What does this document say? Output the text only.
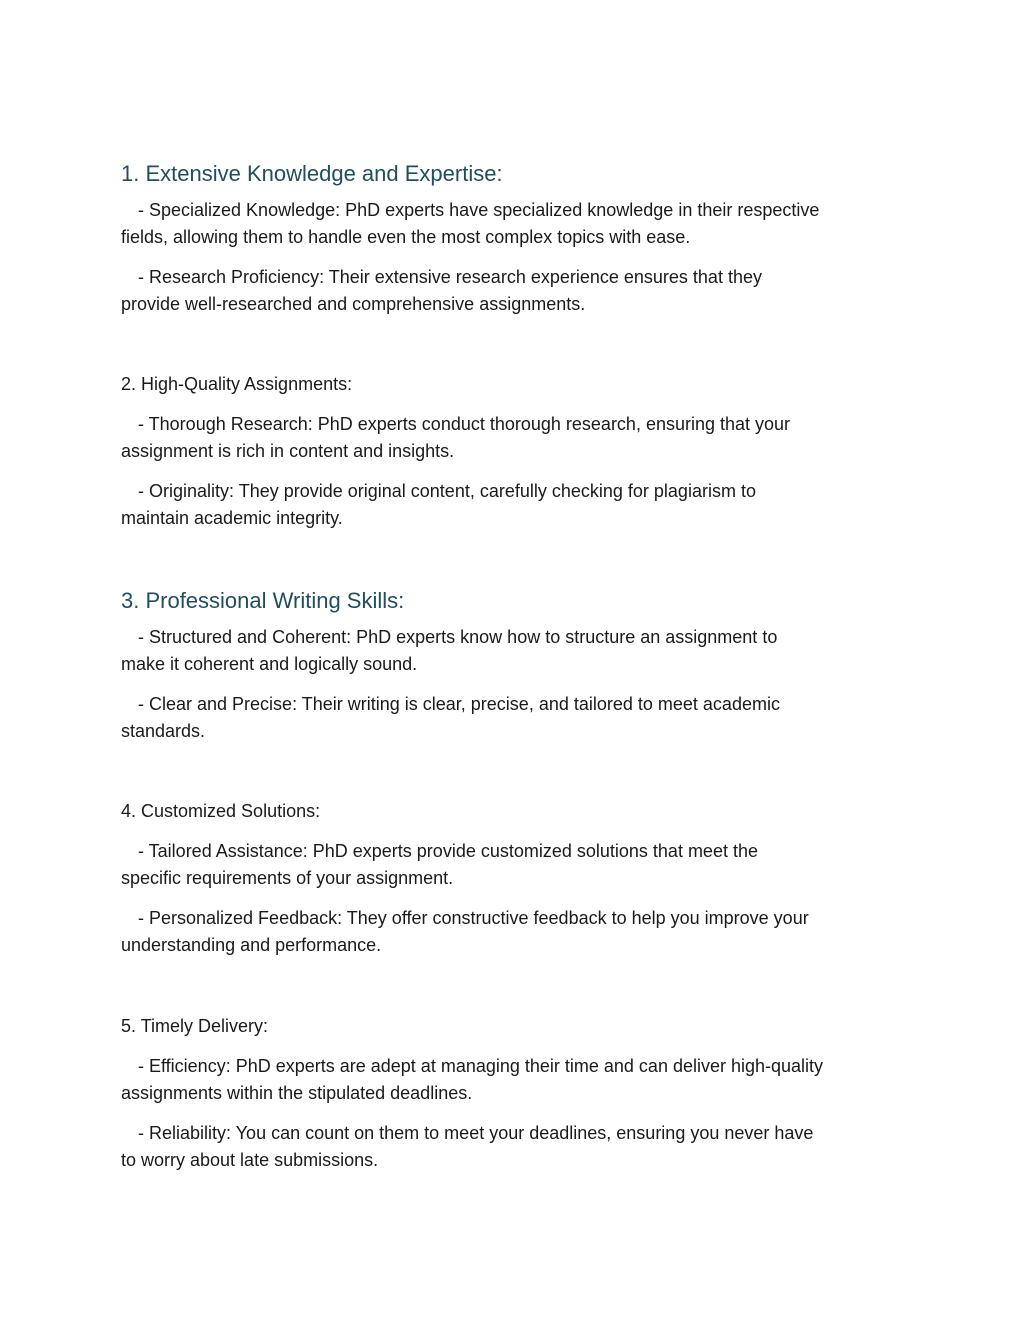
1. Extensive Knowledge and Expertise:

- Specialized Knowledge: PhD experts have specialized knowledge in their respective
fields, allowing them to handle even the most complex topics with ease.

- Research Proficiency: Their extensive research experience ensures that they
provide well-researched and comprehensive assignments.

2. High-Quality Assignments:

- Thorough Research: PhD experts conduct thorough research, ensuring that your
assignment is rich in content and insights.

- Originality: They provide original content, carefully checking for plagiarism to
maintain academic integrity.

3. Professional Writing Skills:

- Structured and Coherent: PhD experts know how to structure an assignment to
make it coherent and logically sound.

- Clear and Precise: Their writing is clear, precise, and tailored to meet academic
standards.

4. Customized Solutions:

- Tailored Assistance: PhD experts provide customized solutions that meet the
specific requirements of your assignment.

- Personalized Feedback: They offer constructive feedback to help you improve your
understanding and performance.

5. Timely Delivery:

- Efficiency: PhD experts are adept at managing their time and can deliver high-quality
assignments within the stipulated deadlines.

- Reliability: You can count on them to meet your deadlines, ensuring you never have
to worry about late submissions.
